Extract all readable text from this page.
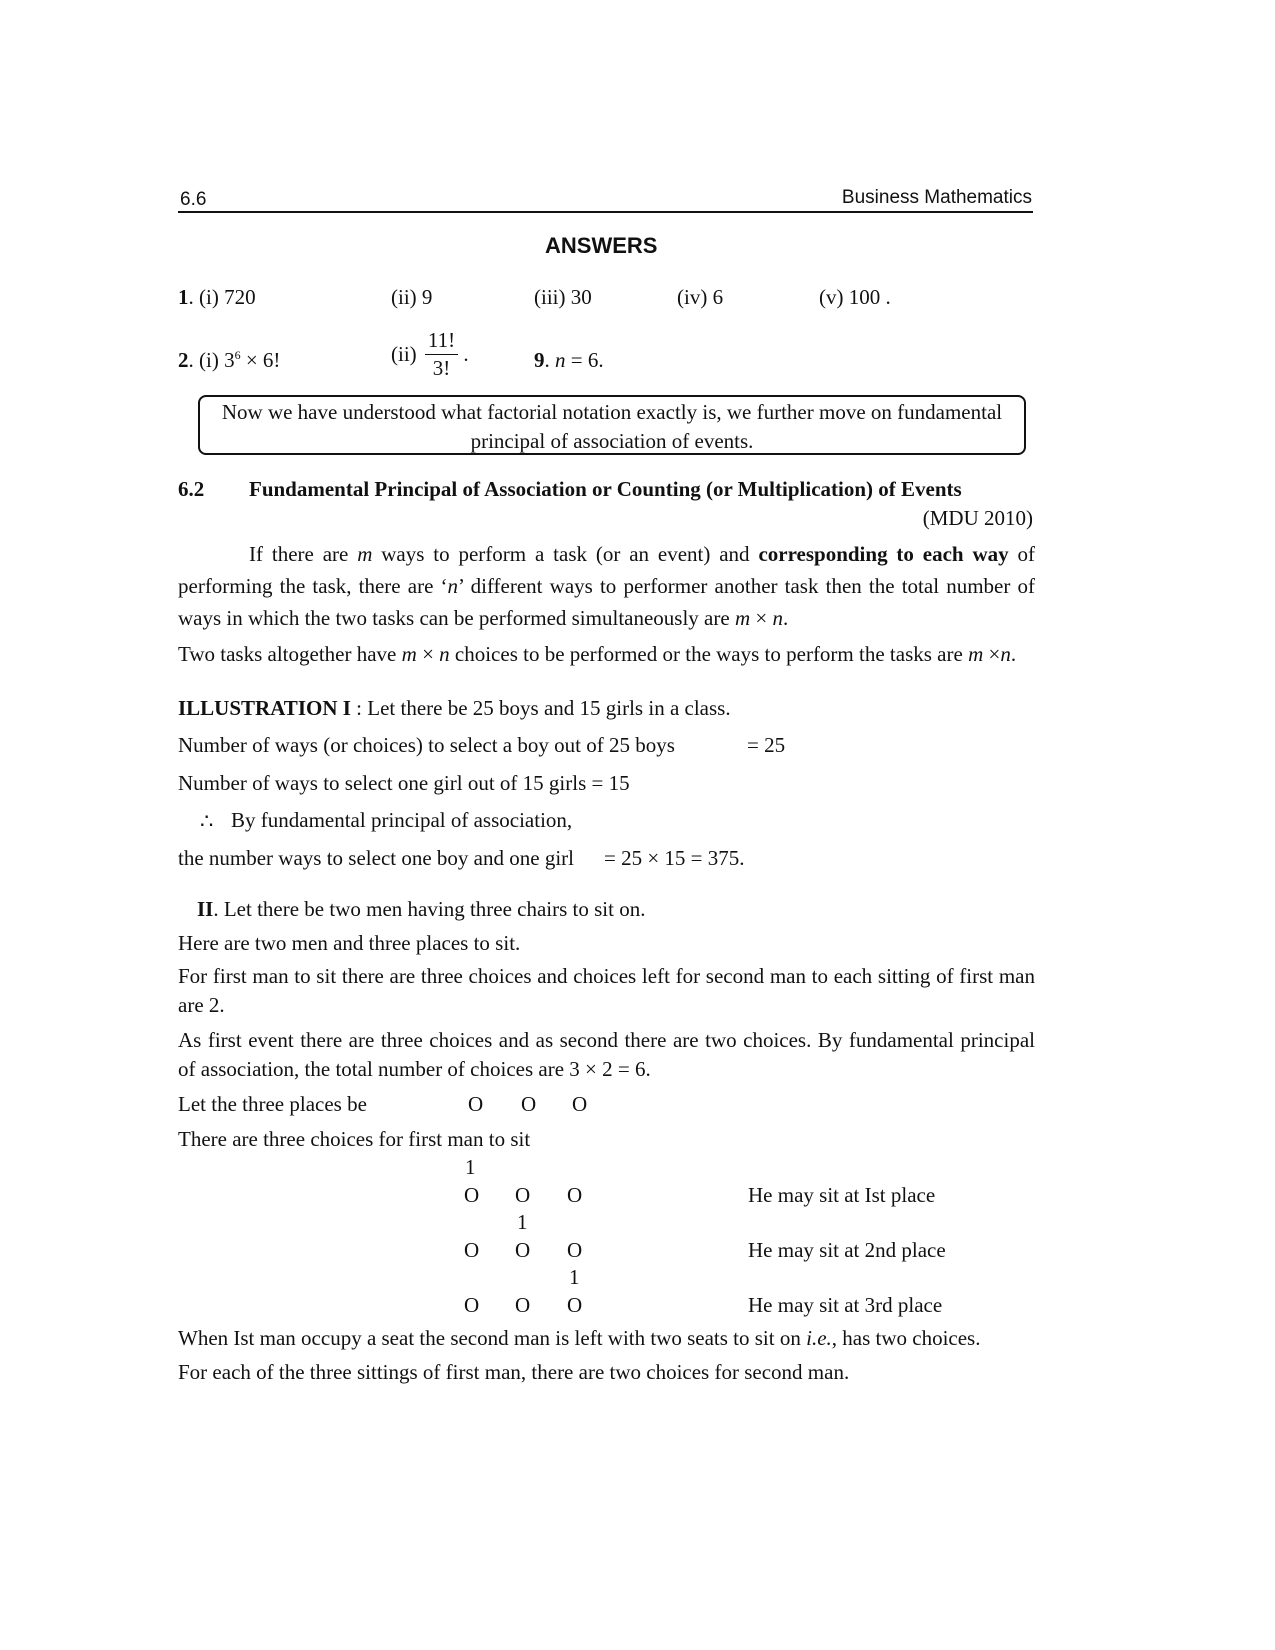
6.6	Business Mathematics
ANSWERS
1. (i) 720	(ii) 9	(iii) 30	(iv) 6	(v) 100 .
2. (i) $3^6 \times 6$!	$(ii) \frac{11!}{3!}$ .	9. n = 6.
Now we have understood what factorial notation exactly is, we further move on fundamental
principal of association of events.
6.2 Fundamental Principal of Association or Counting (or Multiplication) of Events
(MDU 2010)
If there are m ways to perform a task (or an event) and corresponding to each way of performing the task, there are ‘n’ different ways to performer another task then the total number of ways in which the two tasks can be performed simultaneously are m × n.
Two tasks altogether have m × n choices to be performed or the ways to perform the tasks are m ×n.
ILLUSTRATION I : Let there be 25 boys and 15 girls in a class.
Number of ways (or choices) to select a boy out of 25 boys	= 25
Number of ways to select one girl out of 15 girls = 15
∴ By fundamental principal of association,
the number ways to select one boy and one girl = 25 × 15 = 375.
II. Let there be two men having three chairs to sit on.
Here are two men and three places to sit.
For first man to sit there are three choices and choices left for second man to each sitting of first man are 2.
As first event there are three choices and as second there are two choices. By fundamental principal of association, the total number of choices are 3 × 2 = 6.
Let the three places be	O O O
There are three choices for first man to sit
1
O O O	He may sit at Ist place
1
O O O	He may sit at 2nd place
1
O O O	He may sit at 3rd place
When Ist man occupy a seat the second man is left with two seats to sit on i.e., has two choices.
For each of the three sittings of first man, there are two choices for second man.
